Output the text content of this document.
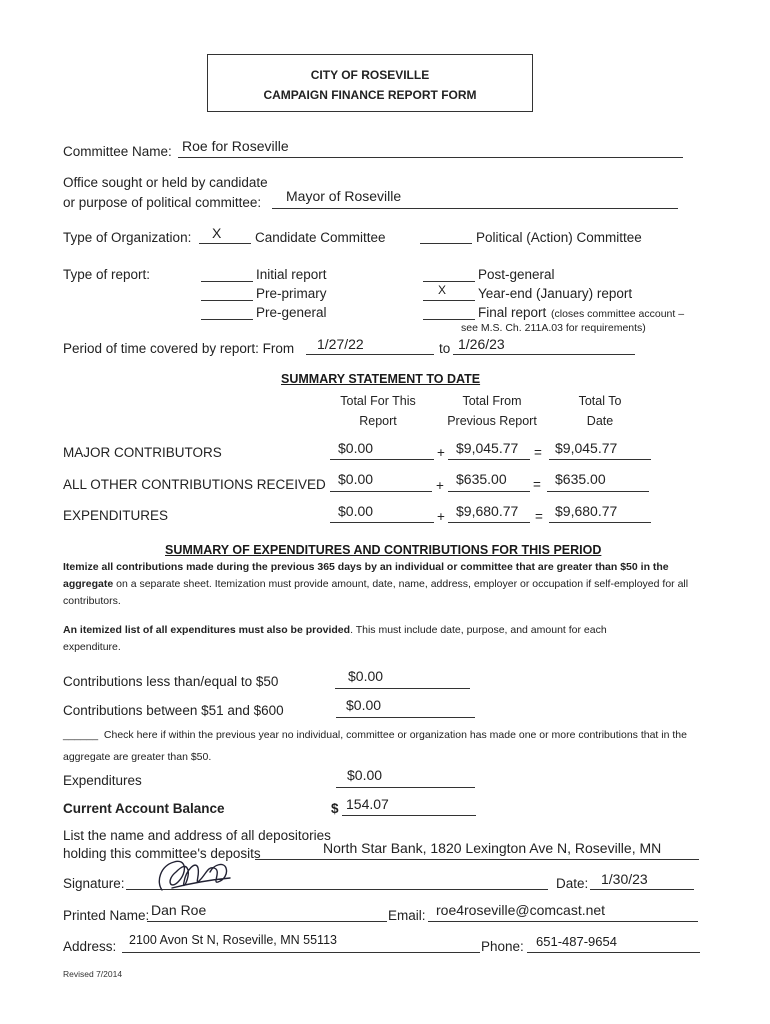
CITY OF ROSEVILLE
CAMPAIGN FINANCE REPORT FORM
Committee Name: Roe for Roseville
Office sought or held by candidate
or purpose of political committee: Mayor of Roseville
Type of Organization: X Candidate Committee	Political (Action) Committee
Type of report:	Initial report
Pre-primary
Pre-general
Post-general
X Year-end (January) report
Final report (closes committee account –
see M.S. Ch. 211A.03 for requirements)
Period of time covered by report: From 1/27/22	to 1/26/23
SUMMARY STATEMENT TO DATE
Total For This
Report
Total From
Previous Report
Total To
Date
MAJOR CONTRIBUTORS	$0.00	+ $9,045.77 = $9,045.77
ALL OTHER CONTRIBUTIONS RECEIVED $0.00	+ $635.00 = $635.00
EXPENDITURES	$0.00	+ $9,680.77 = $9,680.77
SUMMARY OF EXPENDITURES AND CONTRIBUTIONS FOR THIS PERIOD
Itemize all contributions made during the previous 365 days by an individual or committee that are greater than $50 in the aggregate on a separate sheet. Itemization must provide amount, date, name, address, employer or occupation if self-employed for all contributors.
An itemized list of all expenditures must also be provided. This must include date, purpose, and amount for each expenditure.
Contributions less than/equal to $50	$0.00
Contributions between $51 and $600	$0.00
______ Check here if within the previous year no individual, committee or organization has made one or more contributions that in the
aggregate are greater than $50.
Expenditures	$0.00
Current Account Balance	$ 154.07
List the name and address of all depositories
holding this committee's deposits	North Star Bank, 1820 Lexington Ave N, Roseville, MN
Signature:	Date: 1/30/23
Printed Name: Dan Roe	Email: roe4roseville@comcast.net
Address: 2100 Avon St N, Roseville, MN 55113	Phone: 651-487-9654
Revised 7/2014
